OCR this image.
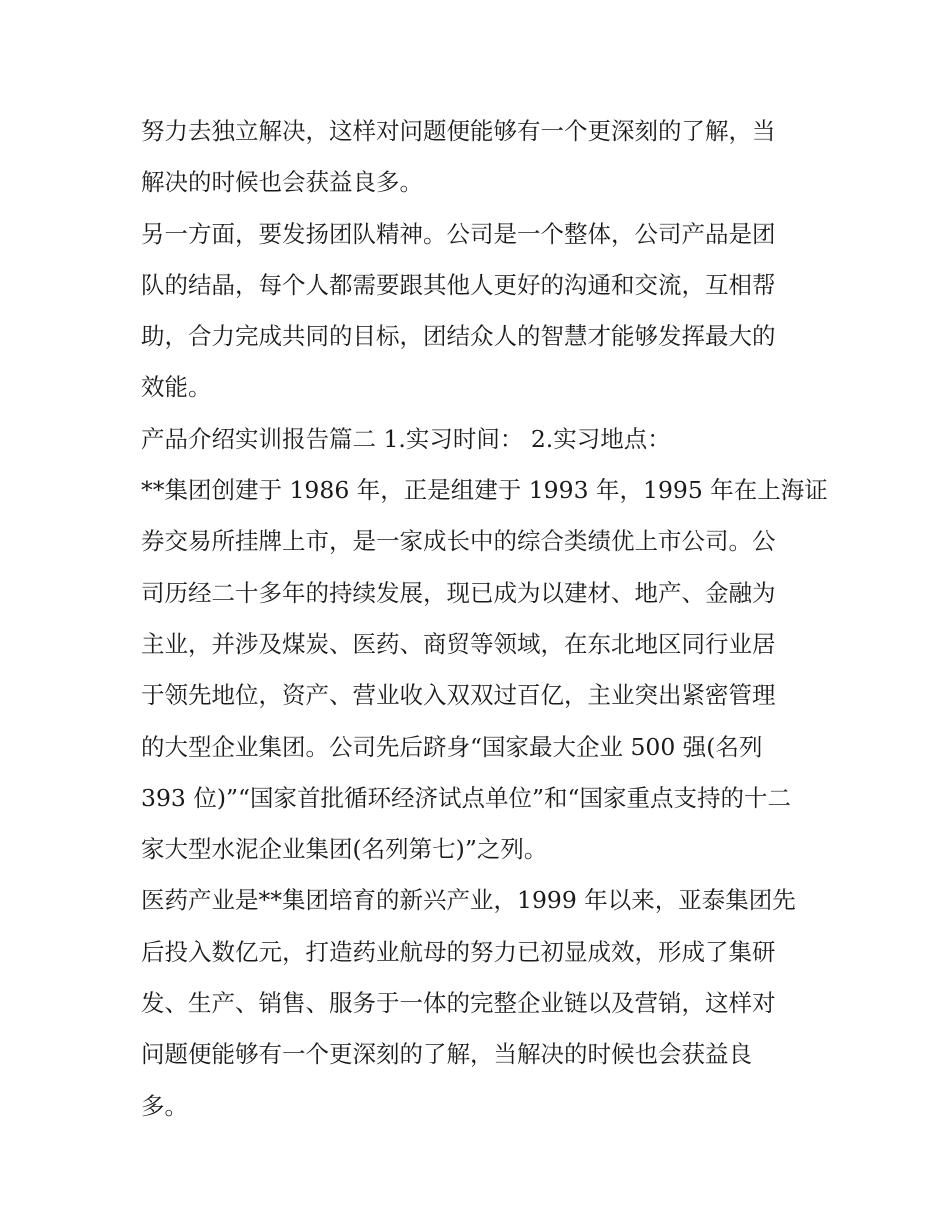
努力去独立解决，这样对问题便能够有一个更深刻的了解，当
解决的时候也会获益良多。
另一方面，要发扬团队精神。公司是一个整体，公司产品是团
队的结晶，每个人都需要跟其他人更好的沟通和交流，互相帮
助，合力完成共同的目标，团结众人的智慧才能够发挥最大的
效能。
产品介绍实训报告篇二 1.实习时间： 2.实习地点：
**集团创建于 1986 年，正是组建于 1993 年，1995 年在上海证
券交易所挂牌上市，是一家成长中的综合类绩优上市公司。公
司历经二十多年的持续发展，现已成为以建材、地产、金融为
主业，并涉及煤炭、医药、商贸等领域，在东北地区同行业居
于领先地位，资产、营业收入双双过百亿，主业突出紧密管理
的大型企业集团。公司先后跻身“国家最大企业 500 强(名列
393 位)”“国家首批循环经济试点单位”和“国家重点支持的十二
家大型水泥企业集团(名列第七)”之列。
医药产业是**集团培育的新兴产业，1999 年以来，亚泰集团先
后投入数亿元，打造药业航母的努力已初显成效，形成了集研
发、生产、销售、服务于一体的完整企业链以及营销，这样对
问题便能够有一个更深刻的了解，当解决的时候也会获益良
多。
